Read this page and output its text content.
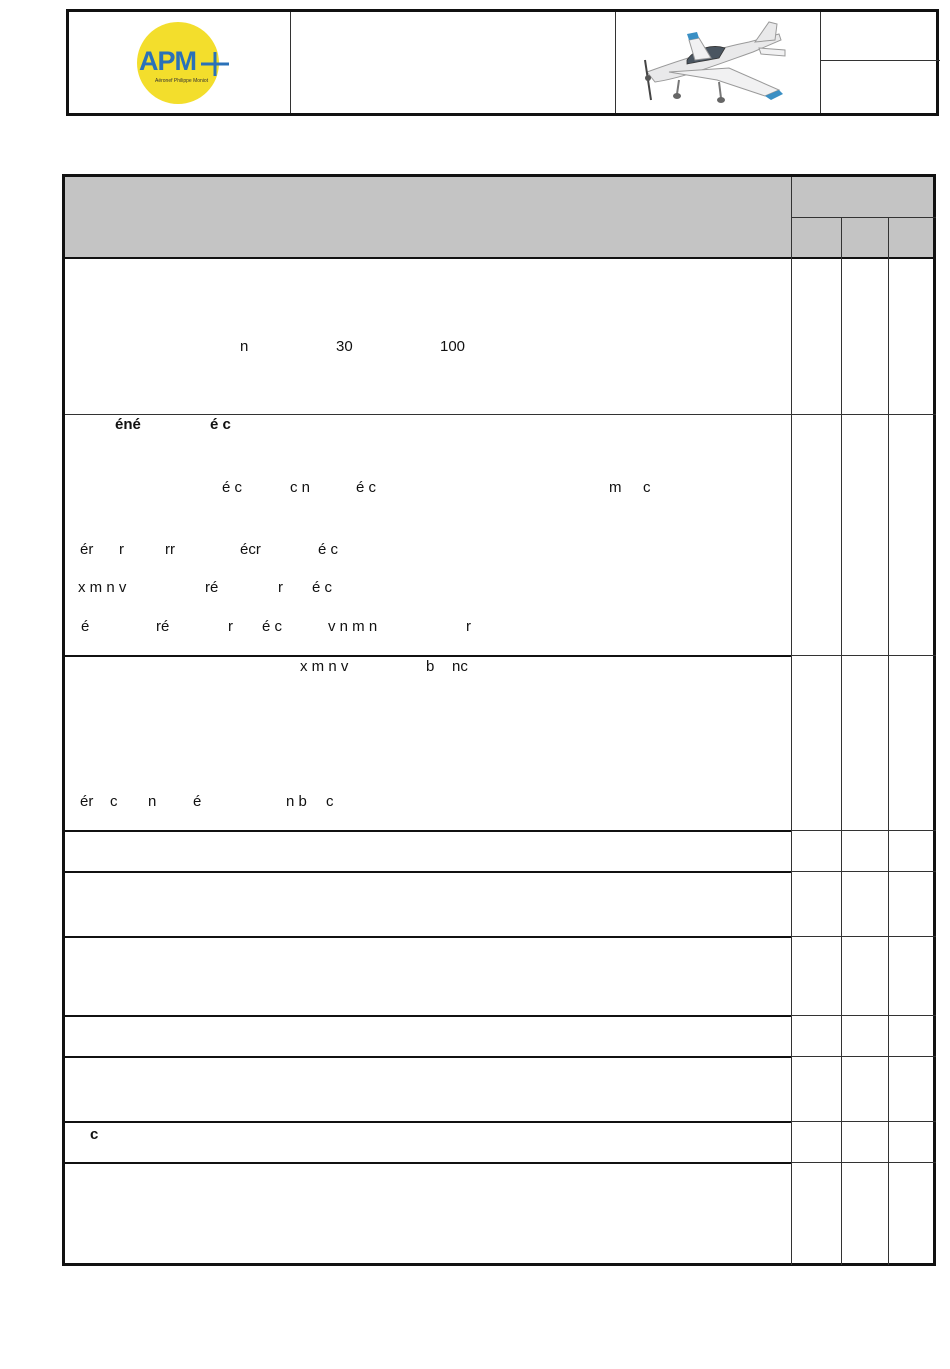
APM
Aéronef Philippe Moniot
n	30	100
éné	é c
é c	c n	é c	m c
ér r	rr	écr	é c
x m n v	ré	r é c
é	ré	r é c	v n m n	r
x m n v	b nc
ér c n é	n b c
c
